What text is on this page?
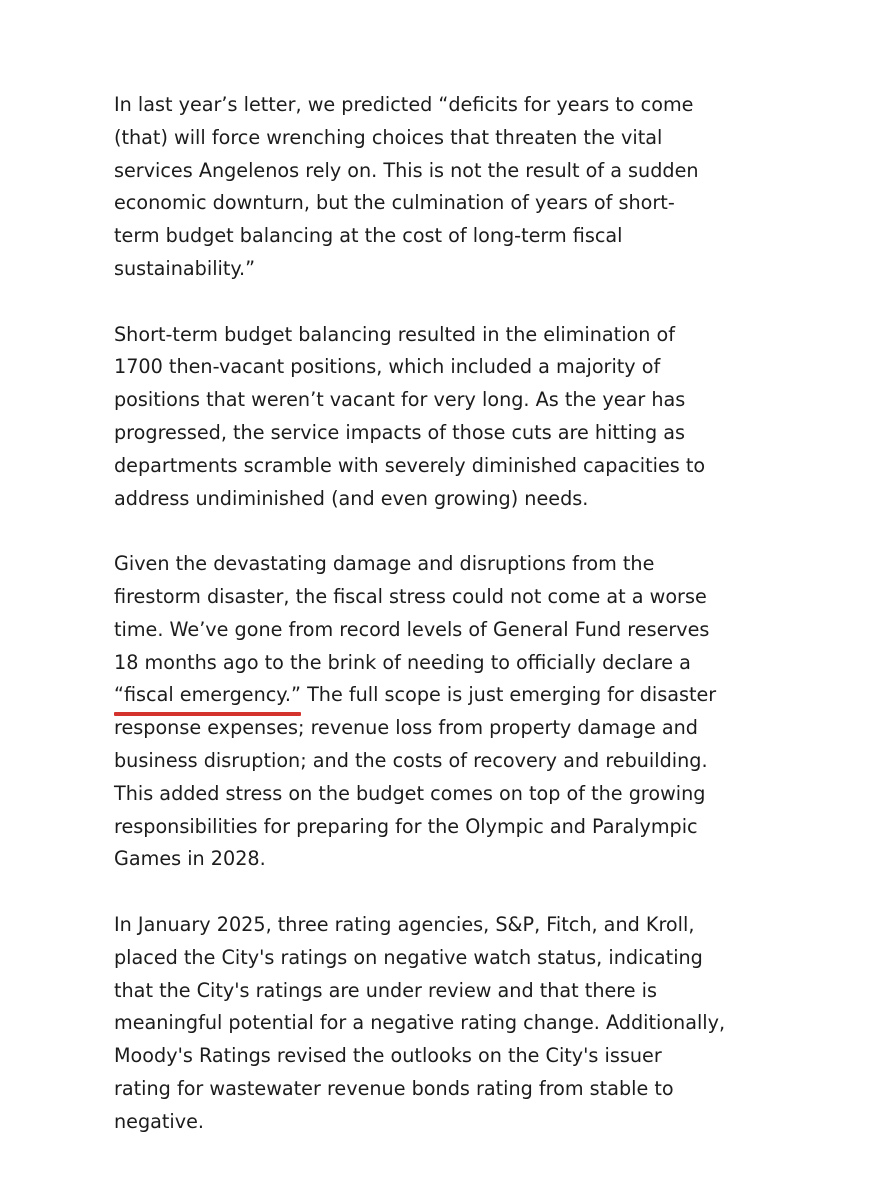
In last year’s letter, we predicted “deficits for years to come
(that) will force wrenching choices that threaten the vital
services Angelenos rely on. This is not the result of a sudden
economic downturn, but the culmination of years of short-
term budget balancing at the cost of long-term fiscal
sustainability.”

Short-term budget balancing resulted in the elimination of
1700 then-vacant positions, which included a majority of
positions that weren’t vacant for very long. As the year has
progressed, the service impacts of those cuts are hitting as
departments scramble with severely diminished capacities to
address undiminished (and even growing) needs.

Given the devastating damage and disruptions from the
firestorm disaster, the fiscal stress could not come at a worse
time. We’ve gone from record levels of General Fund reserves
18 months ago to the brink of needing to officially declare a
“fiscal emergency.”
The full scope is just emerging for disaster
response expenses; revenue loss from property damage and
business disruption; and the costs of recovery and rebuilding.
This added stress on the budget comes on top of the growing
responsibilities for preparing for the Olympic and Paralympic
Games in 2028.

In January 2025, three rating agencies, S&P, Fitch, and Kroll,
placed the City's ratings on negative watch status, indicating
that the City's ratings are under review and that there is
meaningful potential for a negative rating change. Additionally,
Moody's Ratings revised the outlooks on the City's issuer
rating for wastewater revenue bonds rating from stable to
negative.
